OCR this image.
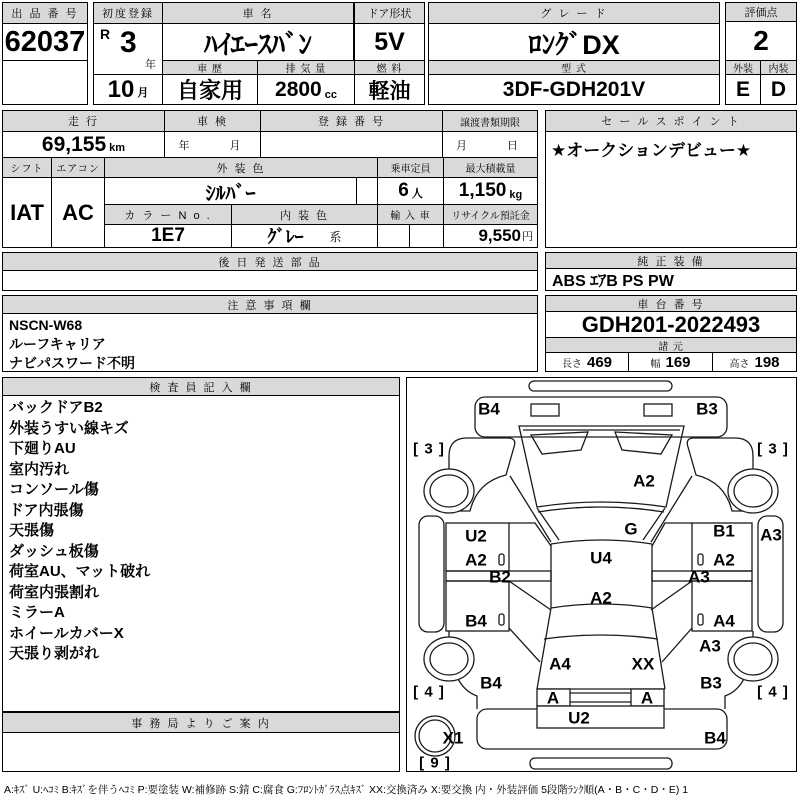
出 品 番 号
62037
初度登録
R 3
年
10 月
車 名
ﾊｲｴｰｽﾊﾞﾝ
車 歴
自家用
排 気 量
2800 cc
ドア形状
5V
燃 料
軽油
グ レ ー ド
ﾛﾝｸﾞDX
型 式
3DF-GDH201V
評価点
2
外装	内装
E D
走 行
69,155 km
車 検
年　　月
登 録 番 号	譲渡書類期限
月　　日
セ ー ル ス ポ イ ン ト
★オークションデビュー★
シフト	エアコン
IAT AC
外 装 色
ｼﾙﾊﾞｰ
カ ラ ー N o .	内 装 色
1E7	ｸﾞﾚｰ 系
乗車定員
6 人
輸 入 車
最大積載量
1,150 kg
リサイクル預託金
9,550 円
後 日 発 送 部 品	純 正 装 備
ABS ｴｱB PS PW
注 意 事 項 欄
NSCN-W68
ルーフキャリア
ナビパスワード不明
車 台 番 号
GDH201-2022493
諸 元
長さ 469	幅 169	高さ 198
検 査 員 記 入 欄
バックドアB2
外装うすい線キズ
下廻りAU
室内汚れ
コンソール傷
ドア内張傷
天張傷
ダッシュ板傷
荷室AU、マット破れ
荷室内張割れ
ミラーA
ホイールカバーX
天張り剥がれ
事 務 局 よ り ご 案 内
B4	B3
[ 3 ]	[ 3 ]
A2
G
U2	B1 A3
A2	A2
B2	A3
U4
A2
B4	A4
A3
A4	XX
B4	B3
[ 4 ]	[ 4 ]
A	A
U2
X1	B4
[ 9 ]
A:ｷｽﾞ U:ﾍｺﾐ B:ｷｽﾞを伴うﾍｺﾐ P:要塗装 W:補修跡 S:錆 C:腐食 G:ﾌﾛﾝﾄｶﾞﾗｽ点ｷｽﾞ XX:交換済み X:要交換 内・外装評価 5段階ﾗﾝｸ順(A・B・C・D・E) 1
